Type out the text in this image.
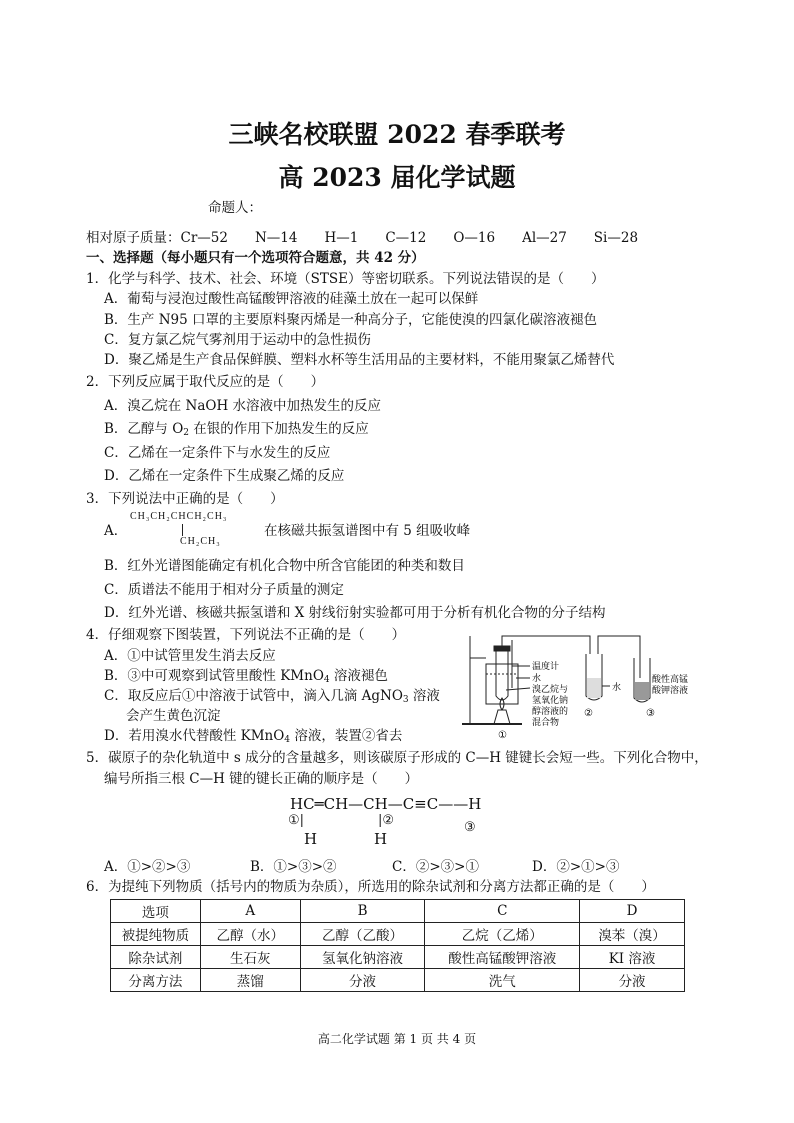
三峡名校联盟 2022 春季联考
高 2023 届化学试题
命题人：
相对原子质量：Cr—52　　N—14　　H—1　　C—12　　O—16　　Al—27　　Si—28
一、选择题（每小题只有一个选项符合题意，共 42 分）
1．化学与科学、技术、社会、环境（STSE）等密切联系。下列说法错误的是（　　）
A．葡萄与浸泡过酸性高锰酸钾溶液的硅藻土放在一起可以保鲜
B．生产 N95 口罩的主要原料聚丙烯是一种高分子，它能使溴的四氯化碳溶液褪色
C．复方氯乙烷气雾剂用于运动中的急性损伤
D．聚乙烯是生产食品保鲜膜、塑料水杯等生活用品的主要材料，不能用聚氯乙烯替代
2．下列反应属于取代反应的是（　　）
A．溴乙烷在 NaOH 水溶液中加热发生的反应
B．乙醇与 $O_2$ 在银的作用下加热发生的反应
C．乙烯在一定条件下与水发生的反应
D．乙烯在一定条件下生成聚乙烯的反应
3．下列说法中正确的是（　　）
A．
CH₃CH₂CHCH₂CH₃
CH₂CH₃
在核磁共振氢谱图中有 5 组吸收峰
B．红外光谱图能确定有机化合物中所含官能团的种类和数目
C．质谱法不能用于相对分子质量的测定
D．红外光谱、核磁共振氢谱和 X 射线衍射实验都可用于分析有机化合物的分子结构
4．仔细观察下图装置，下列说法不正确的是（　　）
A．①中试管里发生消去反应
B．③中可观察到试管里酸性 KMnO$_4$ 溶液褪色
C．取反应后①中溶液于试管中，滴入几滴 AgNO$_3$ 溶液
会产生黄色沉淀
D．若用溴水代替酸性 KMnO$_4$ 溶液，装置②省去
温度计
水
溴乙烷与
氢氧化钠
醇溶液的
混合物
水
酸性高锰
酸钾溶液
①
②	③
5．碳原子的杂化轨道中 s 成分的含量越多，则该碳原子形成的 C—H 键键长会短一些。下列化合物中，
编号所指三根 C—H 键的键长正确的顺序是（　　）
HC═CH—CH—C≡C——H
①|	|②	③
H	H
A．①>②>③	B．①>③>②	C．②>③>①	D．②>①>③
6．为提纯下列物质（括号内的物质为杂质），所选用的除杂试剂和分离方法都正确的是（　　）
选项	A	B	C	D
被提纯物质	乙醇（水）	乙醇（乙酸）	乙烷（乙烯）	溴苯（溴）
除杂试剂	生石灰	氢氧化钠溶液	酸性高锰酸钾溶液	KI 溶液
分离方法	蒸馏	分液	洗气	分液
高二化学试题 第 1 页 共 4 页
